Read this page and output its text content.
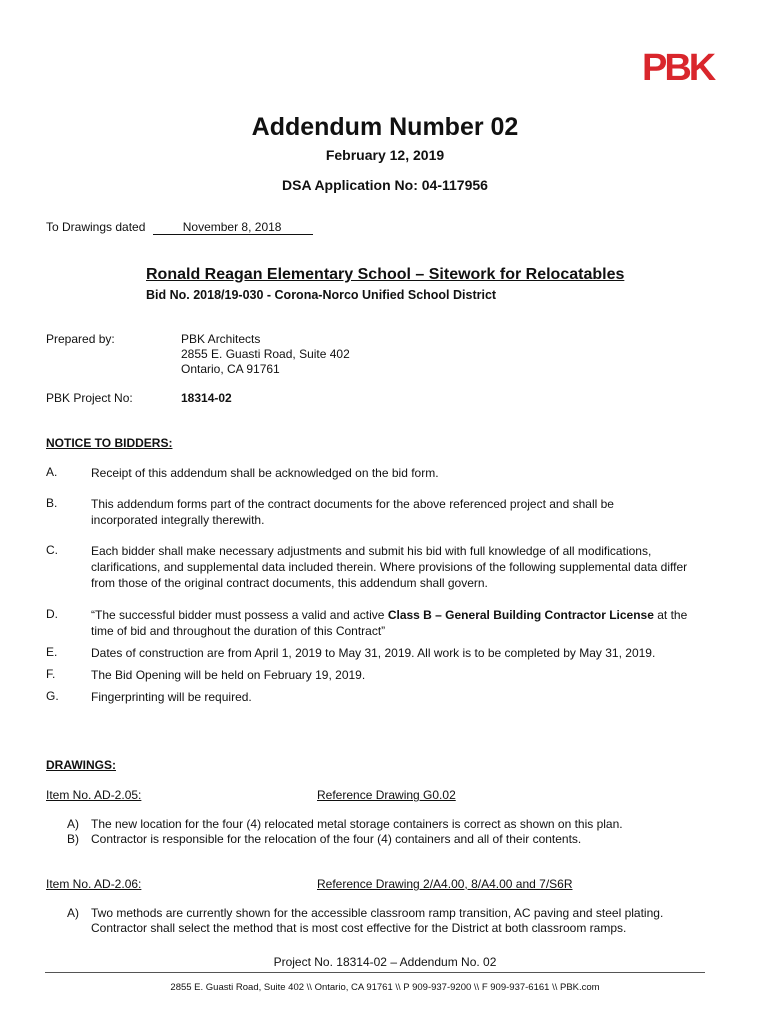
PBK
Addendum Number 02
February 12, 2019
DSA Application No: 04-117956
To Drawings dated	November 8, 2018
Ronald Reagan Elementary School – Sitework for Relocatables
Bid No. 2018/19-030 - Corona-Norco Unified School District
Prepared by:	PBK Architects
2855 E. Guasti Road, Suite 402
Ontario, CA 91761
PBK Project No:	18314-02
NOTICE TO BIDDERS:
A.	Receipt of this addendum shall be acknowledged on the bid form.
B.	This addendum forms part of the contract documents for the above referenced project and shall be incorporated integrally therewith.
C.	Each bidder shall make necessary adjustments and submit his bid with full knowledge of all modifications, clarifications, and supplemental data included therein. Where provisions of the following supplemental data differ from those of the original contract documents, this addendum shall govern.
D.	“The successful bidder must possess a valid and active Class B – General Building Contractor License at the time of bid and throughout the duration of this Contract”
E.	Dates of construction are from April 1, 2019 to May 31, 2019. All work is to be completed by May 31, 2019.
F.	The Bid Opening will be held on February 19, 2019.
G.	Fingerprinting will be required.
DRAWINGS:
Item No. AD-2.05:	Reference Drawing G0.02
A) The new location for the four (4) relocated metal storage containers is correct as shown on this plan.
B) Contractor is responsible for the relocation of the four (4) containers and all of their contents.
Item No. AD-2.06:	Reference Drawing 2/A4.00, 8/A4.00 and 7/S6R
A) Two methods are currently shown for the accessible classroom ramp transition, AC paving and steel plating. Contractor shall select the method that is most cost effective for the District at both classroom ramps.
Project No. 18314-02 – Addendum No. 02
2855 E. Guasti Road, Suite 402 \\ Ontario, CA 91761 \\ P 909-937-9200 \\ F 909-937-6161 \\ PBK.com
